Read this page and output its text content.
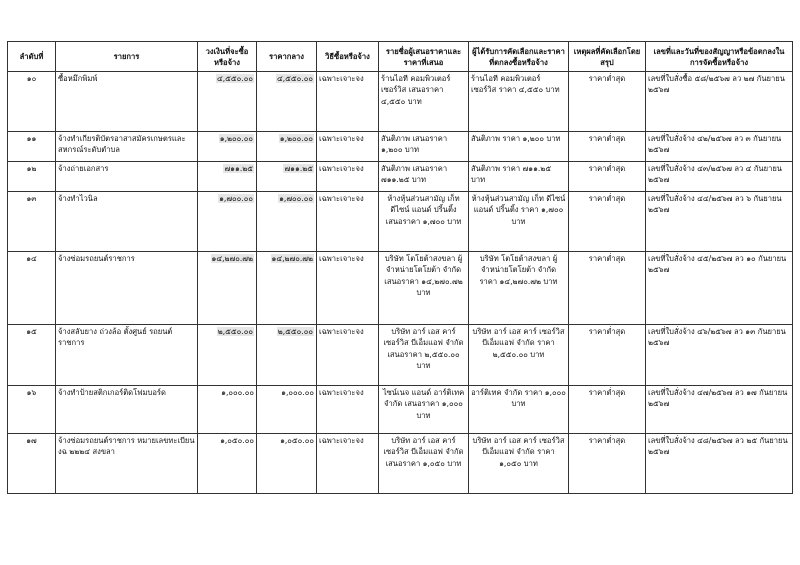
ลำดับที่	รายการ	วงเงินที่จะซื้อหรือจ้าง	ราคากลาง	วิธีซื้อหรือจ้าง	รายชื่อผู้เสนอราคาและราคาที่เสนอ	ผู้ได้รับการคัดเลือกและราคาที่ตกลงซื้อหรือจ้าง	เหตุผลที่คัดเลือกโดยสรุป	เลขที่และวันที่ของสัญญาหรือข้อตกลงในการจัดซื้อหรือจ้าง
๑๐	ซื้อหมึกพิมพ์	๔,๕๕๐.๐๐	๔,๕๕๐.๐๐	เฉพาะเจาะจง	ร้านไอที คอมพิวเตอร์ เซอร์วิส เสนอราคา ๔,๕๕๐ บาท	ร้านไอที คอมพิวเตอร์ เซอร์วิส ราคา ๔,๕๕๐ บาท	ราคาต่ำสุด	เลขที่ใบสั่งซื้อ ๕๘/๒๕๖๗ ลว ๒๗ กันยายน ๒๕๖๗
๑๑	จ้างทำเกียรติบัตรอาสาสมัครเกษตรและสหกรณ์ระดับตำบล	๑,๒๐๐.๐๐	๑,๒๐๐.๐๐	เฉพาะเจาะจง	สันติภาพ เสนอราคา ๑,๒๐๐ บาท	สันติภาพ ราคา ๑,๒๐๐ บาท	ราคาต่ำสุด	เลขที่ใบสั่งจ้าง ๔๒/๒๕๖๗ ลว ๓ กันยายน ๒๕๖๗
๑๒	จ้างถ่ายเอกสาร	๗๑๑.๒๕	๗๑๑.๒๕	เฉพาะเจาะจง	สันติภาพ เสนอราคา ๗๑๑.๒๕ บาท	สันติภาพ ราคา ๗๑๑.๒๕ บาท	ราคาต่ำสุด	เลขที่ใบสั่งจ้าง ๔๓/๒๕๖๗ ลว ๔ กันยายน ๒๕๖๗
๑๓	จ้างทำไวนิล	๑,๗๐๐.๐๐	๑,๗๐๐.๐๐	เฉพาะเจาะจง	ห้างหุ้นส่วนสามัญ เก็ท ดีไซน์ แอนด์ ปริ้นติ้ง เสนอราคา ๑,๗๐๐ บาท	ห้างหุ้นส่วนสามัญ เก็ท ดีไซน์ แอนด์ ปริ้นติ้ง ราคา ๑,๗๐๐ บาท	ราคาต่ำสุด	เลขที่ใบสั่งจ้าง ๔๔/๒๕๖๗ ลว ๖ กันยายน ๒๕๖๗
๑๔	จ้างซ่อมรถยนต์ราชการ	๑๔,๒๗๐.๗๒	๑๔,๒๗๐.๗๒	เฉพาะเจาะจง	บริษัท โตโยต้าสงขลา ผู้จำหน่ายโตโยต้า จำกัด เสนอราคา ๑๔,๒๗๐.๗๒ บาท	บริษัท โตโยต้าสงขลา ผู้จำหน่ายโตโยต้า จำกัด ราคา ๑๔,๒๗๐.๗๒ บาท	ราคาต่ำสุด	เลขที่ใบสั่งจ้าง ๔๕/๒๕๖๗ ลว ๑๐ กันยายน ๒๕๖๗
๑๕	จ้างสลับยาง ถ่วงล้อ ตั้งศูนย์ รถยนต์ราชการ	๒,๕๕๐.๐๐	๒,๕๕๐.๐๐	เฉพาะเจาะจง	บริษัท อาร์ เอส คาร์ เซอร์วิส บีเอ็มแอฟ จำกัด เสนอราคา ๒,๕๕๐.๐๐ บาท	บริษัท อาร์ เอส คาร์ เซอร์วิส บีเอ็มแอฟ จำกัด ราคา ๒,๕๕๐.๐๐ บาท	ราคาต่ำสุด	เลขที่ใบสั่งจ้าง ๔๖/๒๕๖๗ ลว ๑๓ กันยายน ๒๕๖๗
๑๖	จ้างทำป้ายสติกเกอร์ติดโฟมบอร์ด	๑,๐๐๐.๐๐	๑,๐๐๐.๐๐	เฉพาะเจาะจง	ไซน์เนจ แอนด์ อาร์ติเทค จำกัด เสนอราคา ๑,๐๐๐ บาท	อาร์ติเทค จำกัด ราคา ๑,๐๐๐ บาท	ราคาต่ำสุด	เลขที่ใบสั่งจ้าง ๔๗/๒๕๖๗ ลว ๑๗ กันยายน ๒๕๖๗
๑๗	จ้างซ่อมรถยนต์ราชการ หมายเลขทะเบียน งฉ ๒๒๒๔ สงขลา	๑,๐๕๐.๐๐	๑,๐๕๐.๐๐	เฉพาะเจาะจง	บริษัท อาร์ เอส คาร์ เซอร์วิส บีเอ็มแอฟ จำกัด เสนอราคา ๑,๐๕๐ บาท	บริษัท อาร์ เอส คาร์ เซอร์วิส บีเอ็มแอฟ จำกัด ราคา ๑,๐๕๐ บาท	ราคาต่ำสุด	เลขที่ใบสั่งจ้าง ๔๘/๒๕๖๗ ลว ๒๕ กันยายน ๒๕๖๗
